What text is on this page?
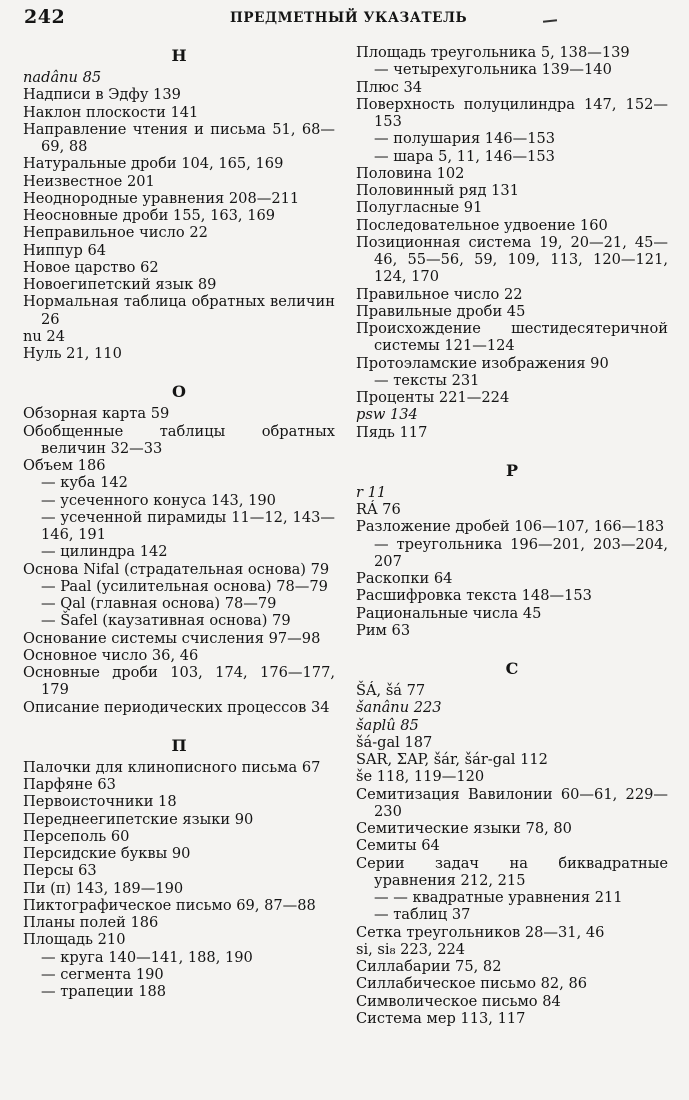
242	ПРЕДМЕТНЫЙ УКАЗАТЕЛЬ
Н

nadânu 85

Надписи в Эдфу 139

Наклон плоскости 141

Направление чтения и письма 51, 68—69, 88

Натуральные дроби 104, 165, 169

Неизвестное 201

Неоднородные уравнения 208—211

Неосновные дроби 155, 163, 169

Неправильное число 22

Ниппур 64

Новое царство 62

Новоегипетский язык 89

Нормальная таблица обратных величин 26

nu 24

Нуль 21, 110

О

Обзорная карта 59

Обобщенные таблицы обратных величин 32—33

Объем 186

— куба 142

— усеченного конуса 143, 190

— усеченной пирамиды 11—12, 143—146, 191

— цилиндра 142

Основа Nifal (страдательная основа) 79

— Paal (усилительная основа) 78—79

— Qal (главная основа) 78—79

— Šafel (каузативная основа) 79

Основание системы счисления 97—98

Основное число 36, 46

Основные дроби 103, 174, 176—177, 179

Описание периодических процессов 34

П

Палочки для клинописного письма 67

Парфяне 63

Первоисточники 18

Переднеегипетские языки 90

Персеполь 60

Персидские буквы 90

Персы 63

Пи (π) 143, 189—190

Пиктографическое письмо 69, 87—88

Планы полей 186

Площадь 210

— круга 140—141, 188, 190

— сегмента 190

— трапеции 188

Площадь треугольника 5, 138—139

— четырехугольника 139—140

Плюс 34

Поверхность полуцилиндра 147, 152—153

— полушария 146—153

— шара 5, 11, 146—153

Половина 102

Половинный ряд 131

Полугласные 91

Последовательное удвоение 160

Позиционная система 19, 20—21, 45—46, 55—56, 59, 109, 113, 120—121, 124, 170

Правильное число 22

Правильные дроби 45

Происхождение шестидесятеричной системы 121—124

Протоэламские изображения 90

— тексты 231

Проценты 221—224

psw 134

Пядь 117

Р

r 11

RÁ 76

Разложение дробей 106—107, 166—183

— треугольника 196—201, 203—204, 207

Раскопки 64

Расшифровка текста 148—153

Рациональные числа 45

Рим 63

С

ŠÁ, šá 77

šanânu 223

šaplû 85

šá-gal 187

SAR, ΣAP, šár, šár-gal 112

še 118, 119—120

Семитизация Вавилонии 60—61, 229—230

Семитические языки 78, 80

Семиты 64

Серии задач на биквадратные уравнения 212, 215

— — квадратные уравнения 211

— таблиц 37

Сетка треугольников 28—31, 46

si, si₈ 223, 224

Силлабарии 75, 82

Силлабическое письмо 82, 86

Символическое письмо 84

Система мер 113, 117
